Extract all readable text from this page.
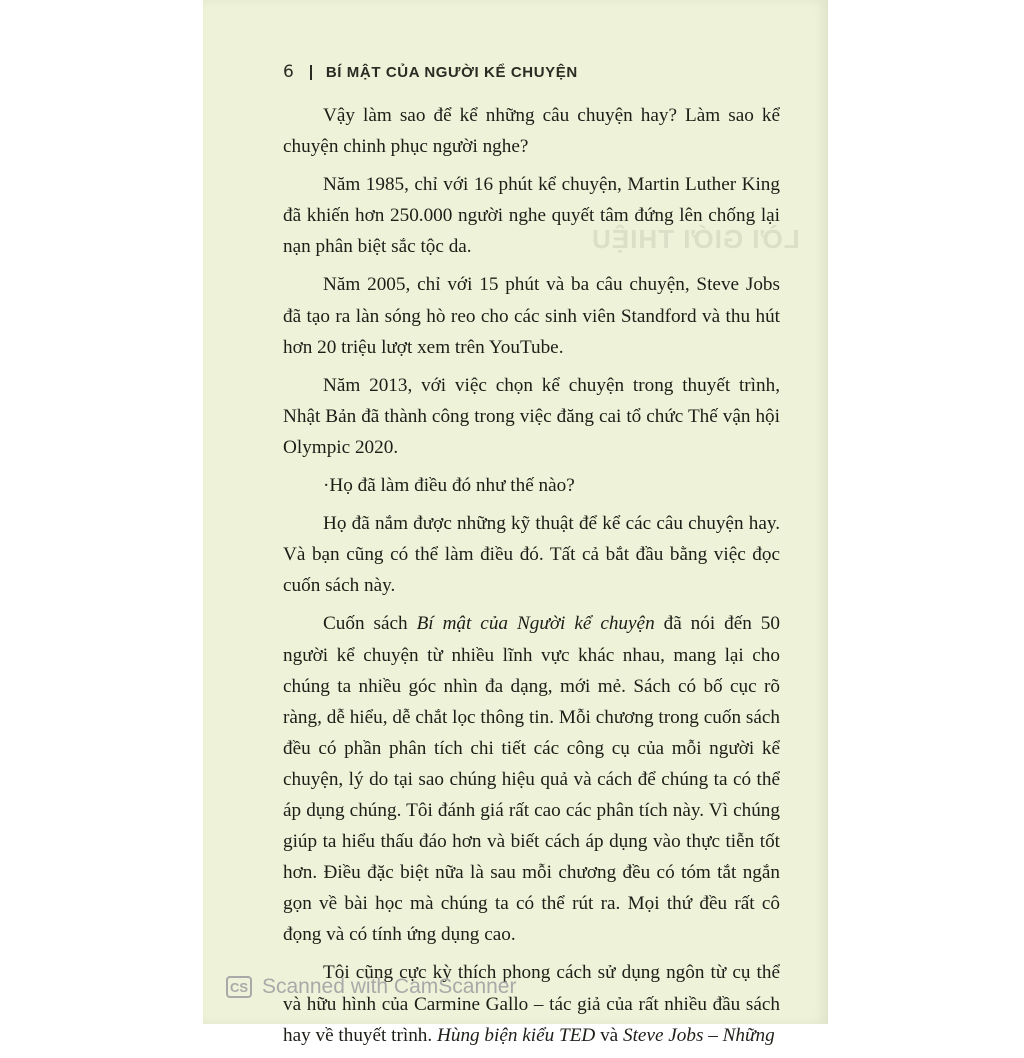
6 BÍ MẬT CỦA NGƯỜI KỂ CHUYỆN
LỜI GIỚI THIỆU

Vậy làm sao để kể những câu chuyện hay? Làm sao kể chuyện chinh phục người nghe?

Năm 1985, chỉ với 16 phút kể chuyện, Martin Luther King đã khiến hơn 250.000 người nghe quyết tâm đứng lên chống lại nạn phân biệt sắc tộc da.

Năm 2005, chỉ với 15 phút và ba câu chuyện, Steve Jobs đã tạo ra làn sóng hò reo cho các sinh viên Standford và thu hút hơn 20 triệu lượt xem trên YouTube.

Năm 2013, với việc chọn kể chuyện trong thuyết trình, Nhật Bản đã thành công trong việc đăng cai tổ chức Thế vận hội Olympic 2020.

·Họ đã làm điều đó như thế nào?

Họ đã nắm được những kỹ thuật để kể các câu chuyện hay. Và bạn cũng có thể làm điều đó. Tất cả bắt đầu bằng việc đọc cuốn sách này.

Cuốn sách Bí mật của Người kể chuyện đã nói đến 50 người kể chuyện từ nhiều lĩnh vực khác nhau, mang lại cho chúng ta nhiều góc nhìn đa dạng, mới mẻ. Sách có bố cục rõ ràng, dễ hiểu, dễ chắt lọc thông tin. Mỗi chương trong cuốn sách đều có phần phân tích chi tiết các công cụ của mỗi người kể chuyện, lý do tại sao chúng hiệu quả và cách để chúng ta có thể áp dụng chúng. Tôi đánh giá rất cao các phân tích này. Vì chúng giúp ta hiểu thấu đáo hơn và biết cách áp dụng vào thực tiễn tốt hơn. Điều đặc biệt nữa là sau mỗi chương đều có tóm tắt ngắn gọn về bài học mà chúng ta có thể rút ra. Mọi thứ đều rất cô đọng và có tính ứng dụng cao.

Tôi cũng cực kỳ thích phong cách sử dụng ngôn từ cụ thể và hữu hình của Carmine Gallo – tác giả của rất nhiều đầu sách hay về thuyết trình. Hùng biện kiểu TED và Steve Jobs – Những

CS Scanned with CamScanner
